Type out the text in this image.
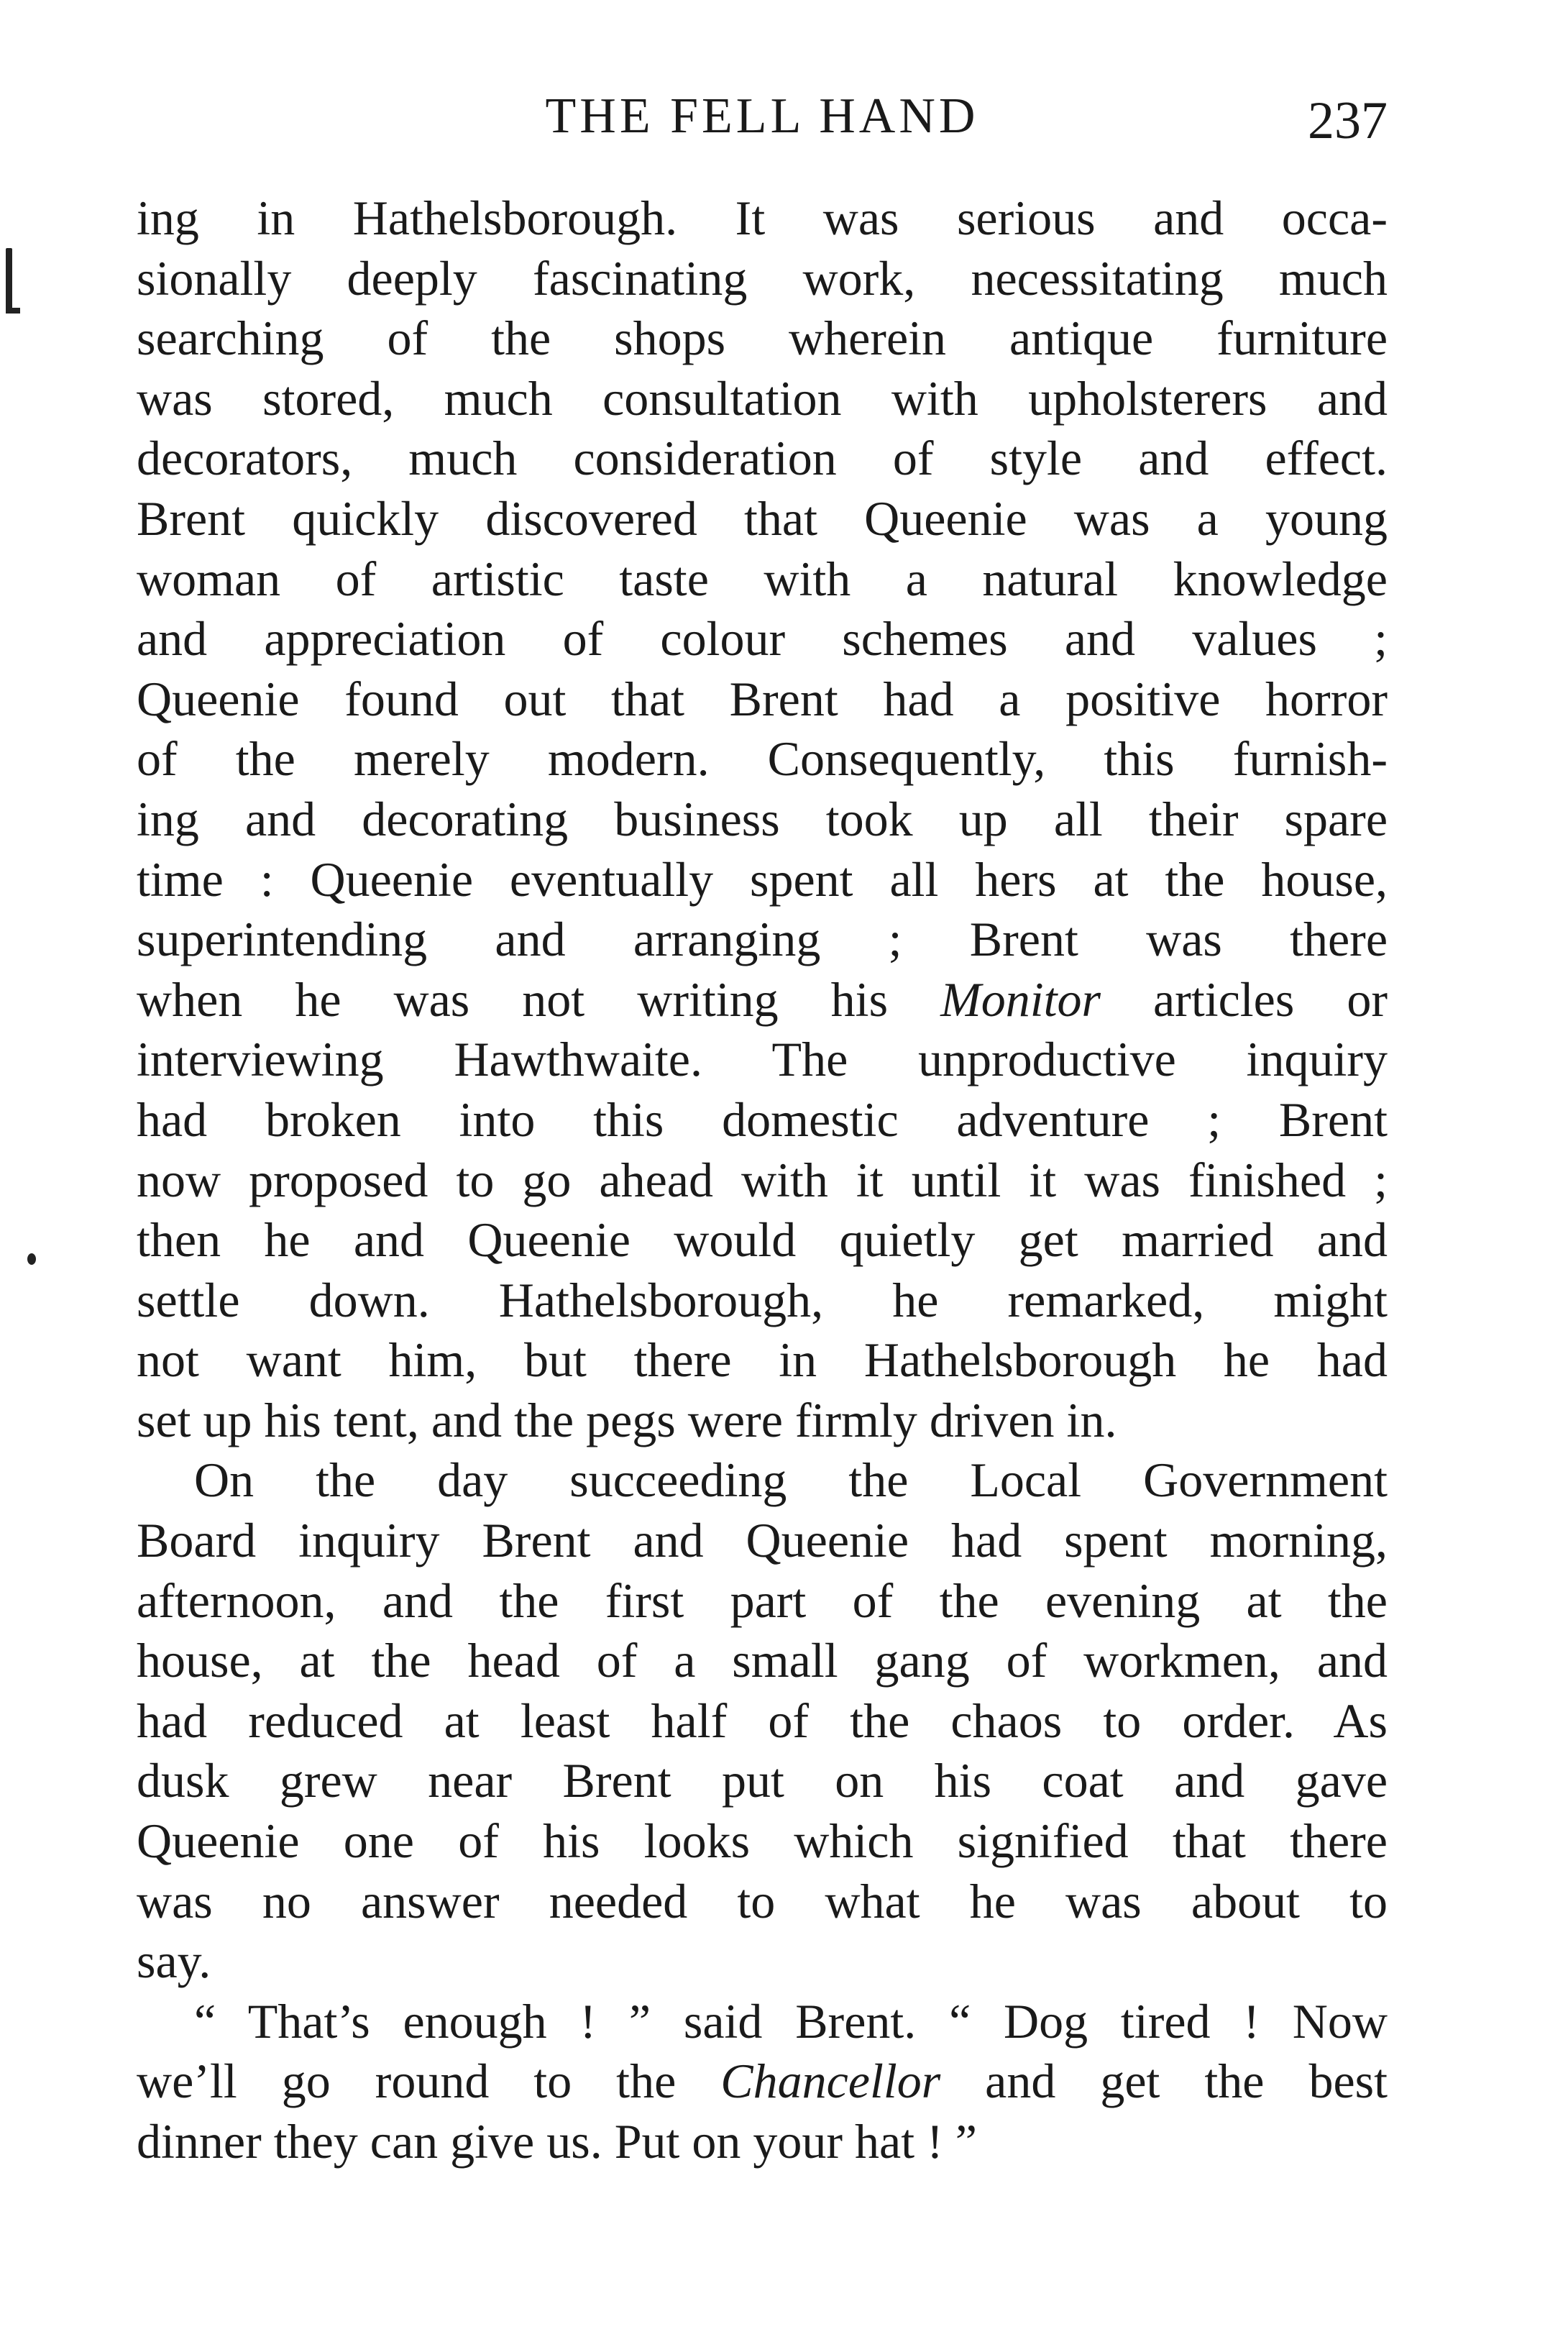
THE FELL HAND	237
ing in Hathelsborough. It was serious and occa-
sionally deeply fascinating work, necessitating much
searching of the shops wherein antique furniture
was stored, much consultation with upholsterers and
decorators, much consideration of style and effect.
Brent quickly discovered that Queenie was a young
woman of artistic taste with a natural knowledge
and appreciation of colour schemes and values ;
Queenie found out that Brent had a positive horror
of the merely modern. Consequently, this furnish-
ing and decorating business took up all their spare
time : Queenie eventually spent all hers at the house,
superintending and arranging ; Brent was there
when he was not writing his Monitor articles or
interviewing Hawthwaite. The unproductive inquiry
had broken into this domestic adventure ; Brent
now proposed to go ahead with it until it was finished ;
then he and Queenie would quietly get married and
settle down. Hathelsborough, he remarked, might
not want him, but there in Hathelsborough he had
set up his tent, and the pegs were firmly driven in.
On the day succeeding the Local Government
Board inquiry Brent and Queenie had spent morning,
afternoon, and the first part of the evening at the
house, at the head of a small gang of workmen, and
had reduced at least half of the chaos to order. As
dusk grew near Brent put on his coat and gave
Queenie one of his looks which signified that there
was no answer needed to what he was about to
say.
“ That’s enough ! ” said Brent. “ Dog tired ! Now
we’ll go round to the Chancellor and get the best
dinner they can give us. Put on your hat ! ”
